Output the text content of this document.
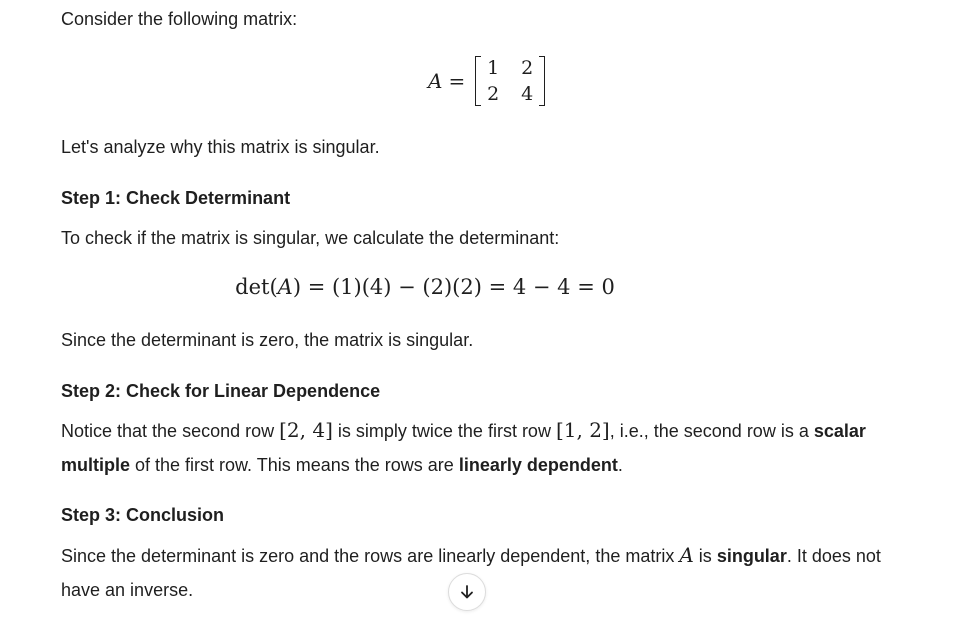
Consider the following matrix:

Let's analyze why this matrix is singular.

Step 1: Check Determinant

To check if the matrix is singular, we calculate the determinant:

Since the determinant is zero, the matrix is singular.

Step 2: Check for Linear Dependence

Notice that the second row [2, 4] is simply twice the first row [1, 2], i.e., the second row is a scalar multiple of the first row. This means the rows are linearly dependent.

Step 3: Conclusion

Since the determinant is zero and the rows are linearly dependent, the matrix A is singular. It does not have an inverse.

A =
1	2
2	4
det(A) = (1)(4) − (2)(2) = 4 − 4 = 0
